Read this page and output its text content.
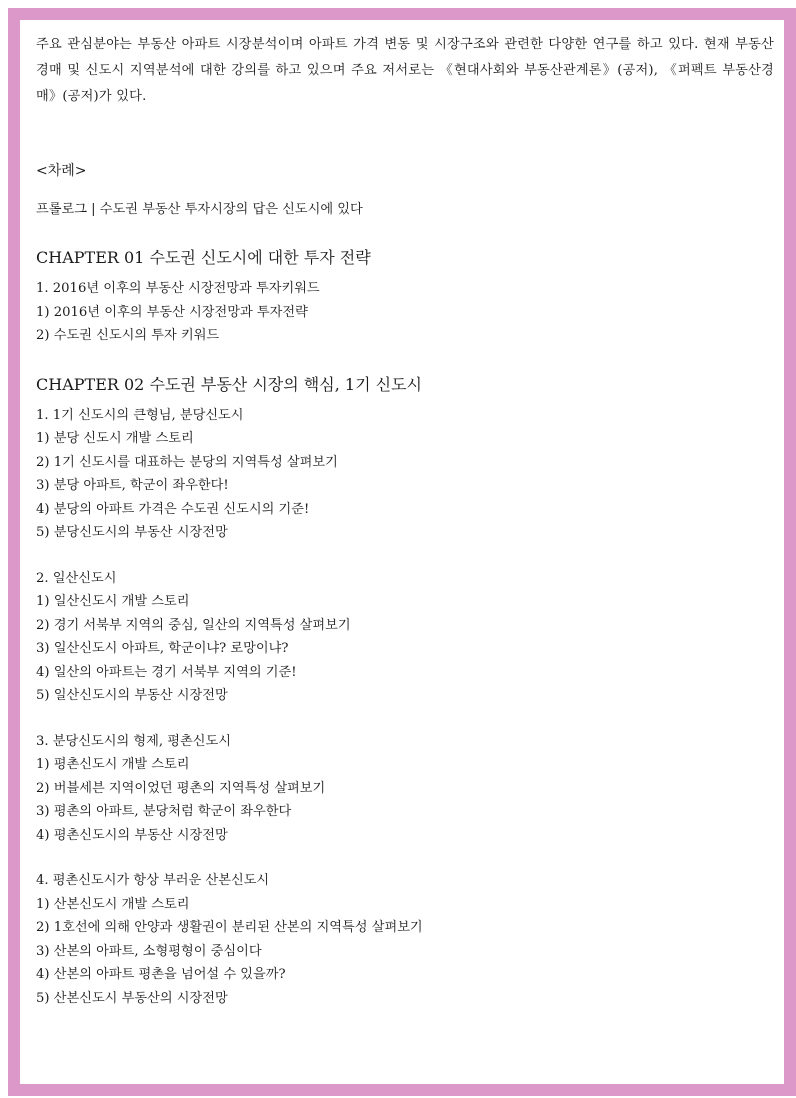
주요 관심분야는 부동산 아파트 시장분석이며 아파트 가격 변동 및 시장구조와 관련한 다양한 연구를 하고 있다. 현재 부동산 경매 및 신도시 지역분석에 대한 강의를 하고 있으며 주요 저서로는 《현대사회와 부동산관계론》(공저), 《퍼펙트 부동산경매》(공저)가 있다.

<차례>
프롤로그 | 수도권 부동산 투자시장의 답은 신도시에 있다
CHAPTER 01 수도권 신도시에 대한 투자 전략
1. 2016년 이후의 부동산 시장전망과 투자키워드
1) 2016년 이후의 부동산 시장전망과 투자전략
2) 수도권 신도시의 투자 키워드
CHAPTER 02 수도권 부동산 시장의 핵심, 1기 신도시
1. 1기 신도시의 큰형님, 분당신도시
1) 분당 신도시 개발 스토리
2) 1기 신도시를 대표하는 분당의 지역특성 살펴보기
3) 분당 아파트, 학군이 좌우한다!
4) 분당의 아파트 가격은 수도권 신도시의 기준!
5) 분당신도시의 부동산 시장전망
2. 일산신도시
1) 일산신도시 개발 스토리
2) 경기 서북부 지역의 중심, 일산의 지역특성 살펴보기
3) 일산신도시 아파트, 학군이냐? 로망이냐?
4) 일산의 아파트는 경기 서북부 지역의 기준!
5) 일산신도시의 부동산 시장전망
3. 분당신도시의 형제, 평촌신도시
1) 평촌신도시 개발 스토리
2) 버블세븐 지역이었던 평촌의 지역특성 살펴보기
3) 평촌의 아파트, 분당처럼 학군이 좌우한다
4) 평촌신도시의 부동산 시장전망
4. 평촌신도시가 항상 부러운 산본신도시
1) 산본신도시 개발 스토리
2) 1호선에 의해 안양과 생활권이 분리된 산본의 지역특성 살펴보기
3) 산본의 아파트, 소형평형이 중심이다
4) 산본의 아파트 평촌을 넘어설 수 있을까?
5) 산본신도시 부동산의 시장전망
